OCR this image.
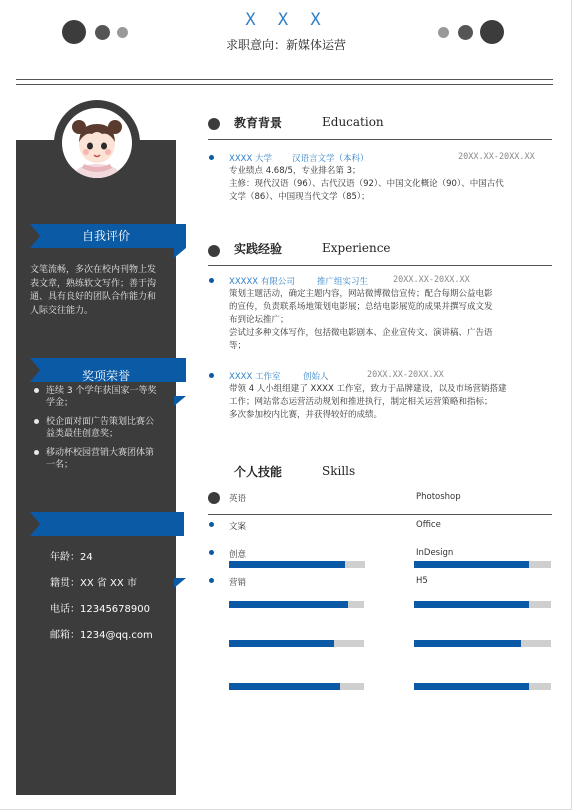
X X X
求职意向：新媒体运营
自我评价
文笔流畅，多次在校内刊物上发表文章，熟练软文写作；善于沟通、具有良好的团队合作能力和人际交往能力。
奖项荣誉
连续 3 个学年获国家一等奖学金；
校企面对面广告策划比赛公益类最佳创意奖；
移动杯校园营销大赛团体第一名；
年龄：24
籍贯：XX 省 XX 市
电话：12345678900
邮箱：1234@qq.com
教育背景	Education
XXXX 大学 汉语言文学（本科）	20XX.XX-20XX.XX
专业绩点 4.68/5，专业排名第 3；
主修：现代汉语（96）、古代汉语（92）、中国文化概论（90）、中国古代
文学（86）、中国现当代文学（85）；
实践经验	Experience
XXXXX 有限公司	推广组实习生	20XX.XX-20XX.XX
策划主题活动，确定主题内容，网站微博微信宣传；配合每期公益电影
的宣传，负责联系场地策划电影展；总结电影展览的成果并撰写成文发
布到论坛推广；
尝试过多种文体写作，包括微电影剧本、企业宣传文、演讲稿、广告语
等；
XXXX 工作室	创始人	20XX.XX-20XX.XX
带领 4 人小组组建了 XXXX 工作室，致力于品牌建设，以及市场营销搭建
工作；网站常态运营活动规划和推进执行，制定相关运营策略和指标；
多次参加校内比赛，并获得较好的成绩。
个人技能	Skills
英语	Photoshop
文案	Office
创意	InDesign
营销	H5
